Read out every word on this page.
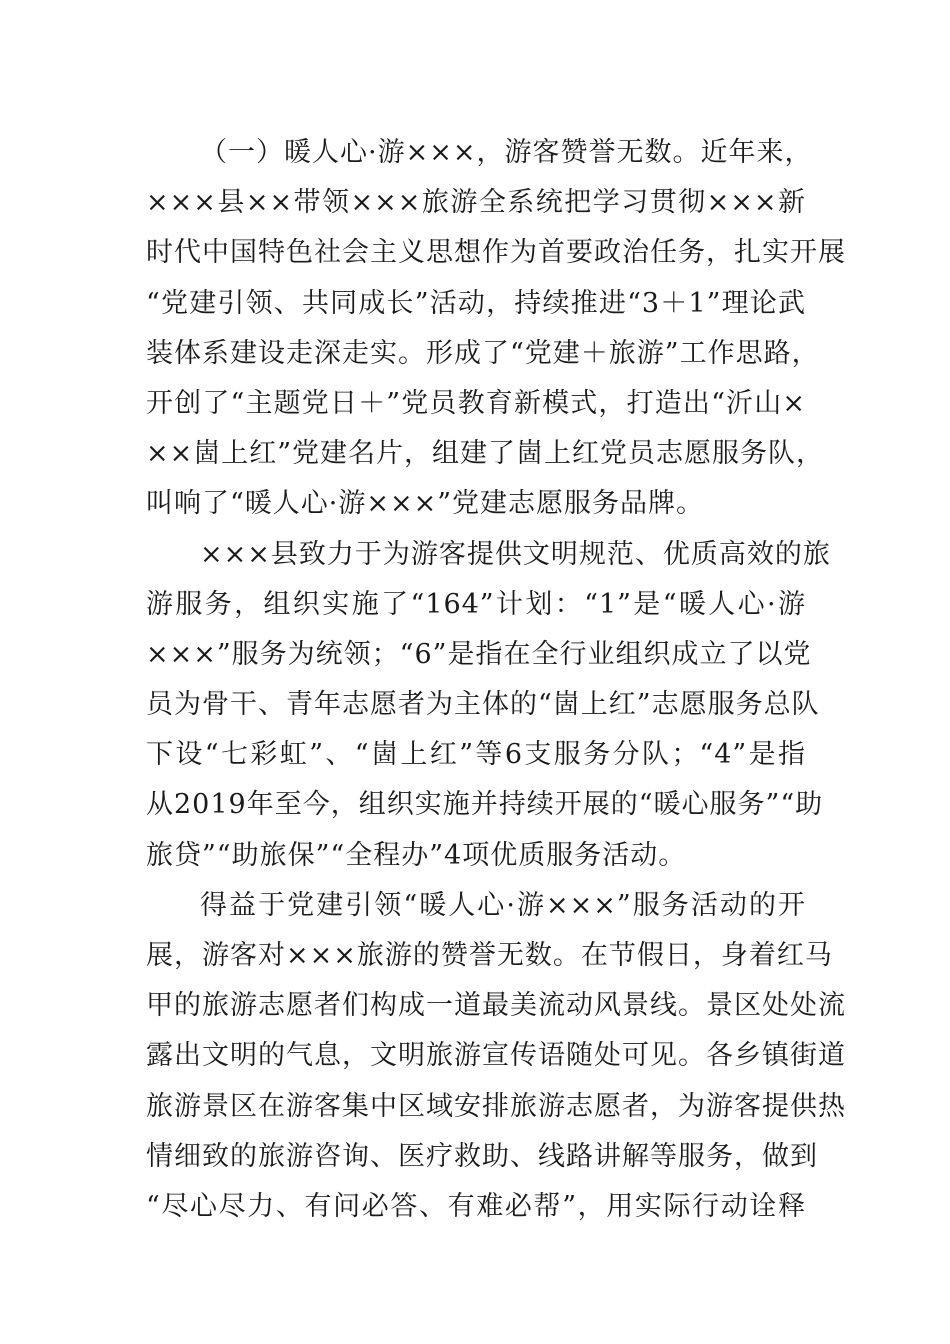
（一）暖人心·游×××，游客赞誉无数。近年来，
×××县××带领×××旅游全系统把学习贯彻×××新
时代中国特色社会主义思想作为首要政治任务，扎实开展
“党建引领、共同成长”活动，持续推进“3＋1”理论武
装体系建设走深走实。形成了“党建＋旅游”工作思路，
开创了“主题党日＋”党员教育新模式，打造出“沂山×
××崮上红”党建名片，组建了崮上红党员志愿服务队，
叫响了“暖人心·游×××”党建志愿服务品牌。
×××县致力于为游客提供文明规范、优质高效的旅
游服务，组织实施了“164”计划：“1”是“暖人心·游
×××”服务为统领；“6”是指在全行业组织成立了以党
员为骨干、青年志愿者为主体的“崮上红”志愿服务总队
下设“七彩虹”、“崮上红”等6支服务分队；“4”是指
从2019年至今，组织实施并持续开展的“暖心服务”“助
旅贷”“助旅保”“全程办”4项优质服务活动。
得益于党建引领“暖人心·游×××”服务活动的开
展，游客对×××旅游的赞誉无数。在节假日，身着红马
甲的旅游志愿者们构成一道最美流动风景线。景区处处流
露出文明的气息，文明旅游宣传语随处可见。各乡镇街道
旅游景区在游客集中区域安排旅游志愿者，为游客提供热
情细致的旅游咨询、医疗救助、线路讲解等服务，做到
“尽心尽力、有问必答、有难必帮”，用实际行动诠释
